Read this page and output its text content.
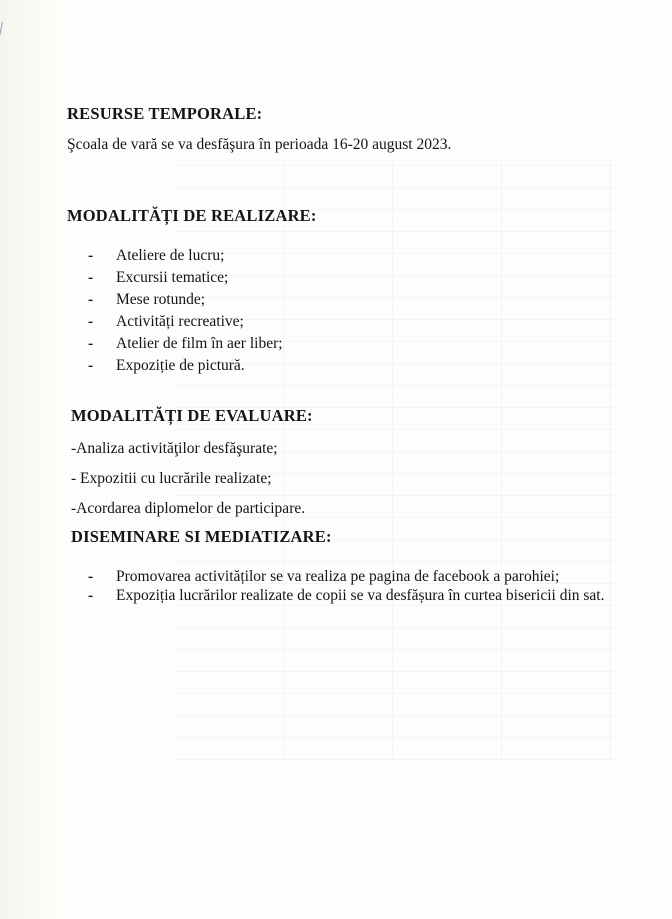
RESURSE TEMPORALE:

Şcoala de vară se va desfăşura în perioada 16-20 august 2023.

MODALITĂȚI DE REALIZARE:
- Ateliere de lucru;
- Excursii tematice;
- Mese rotunde;
- Activități recreative;
- Atelier de film în aer liber;
- Expoziție de pictură.
MODALITĂȚI DE EVALUARE:

-Analiza activităţilor desfăşurate;

- Expozitii cu lucrările realizate;

-Acordarea diplomelor de participare.

DISEMINARE SI MEDIATIZARE:
- Promovarea activităților se va realiza pe pagina de facebook a parohiei;
- Expoziția lucrărilor realizate de copii se va desfășura în curtea bisericii din sat.
